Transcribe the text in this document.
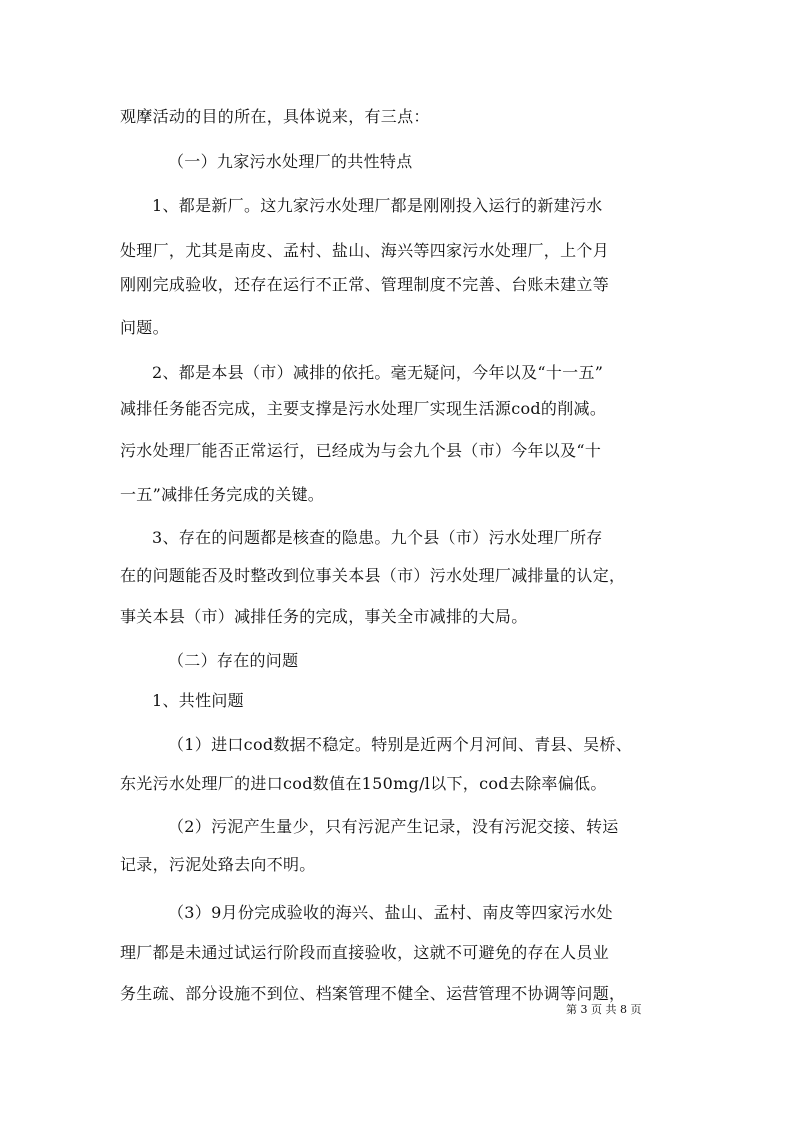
观摩活动的目的所在，具体说来，有三点：
（一）九家污水处理厂的共性特点
1、都是新厂。这九家污水处理厂都是刚刚投入运行的新建污水
处理厂，尤其是南皮、孟村、盐山、海兴等四家污水处理厂，上个月
刚刚完成验收，还存在运行不正常、管理制度不完善、台账未建立等
问题。
2、都是本县（市）减排的依托。毫无疑问，今年以及“十一五”
减排任务能否完成，主要支撑是污水处理厂实现生活源cod的削减。
污水处理厂能否正常运行，已经成为与会九个县（市）今年以及“十
一五”减排任务完成的关键。
3、存在的问题都是核查的隐患。九个县（市）污水处理厂所存
在的问题能否及时整改到位事关本县（市）污水处理厂减排量的认定，
事关本县（市）减排任务的完成，事关全市减排的大局。
（二）存在的问题
1、共性问题
（1）进口cod数据不稳定。特别是近两个月河间、青县、吴桥、
东光污水处理厂的进口cod数值在150mg/l以下，cod去除率偏低。
（2）污泥产生量少，只有污泥产生记录，没有污泥交接、转运
记录，污泥处臵去向不明。
（3）9月份完成验收的海兴、盐山、孟村、南皮等四家污水处
理厂都是未通过试运行阶段而直接验收，这就不可避免的存在人员业
务生疏、部分设施不到位、档案管理不健全、运营管理不协调等问题，
第 3 页 共 8 页
